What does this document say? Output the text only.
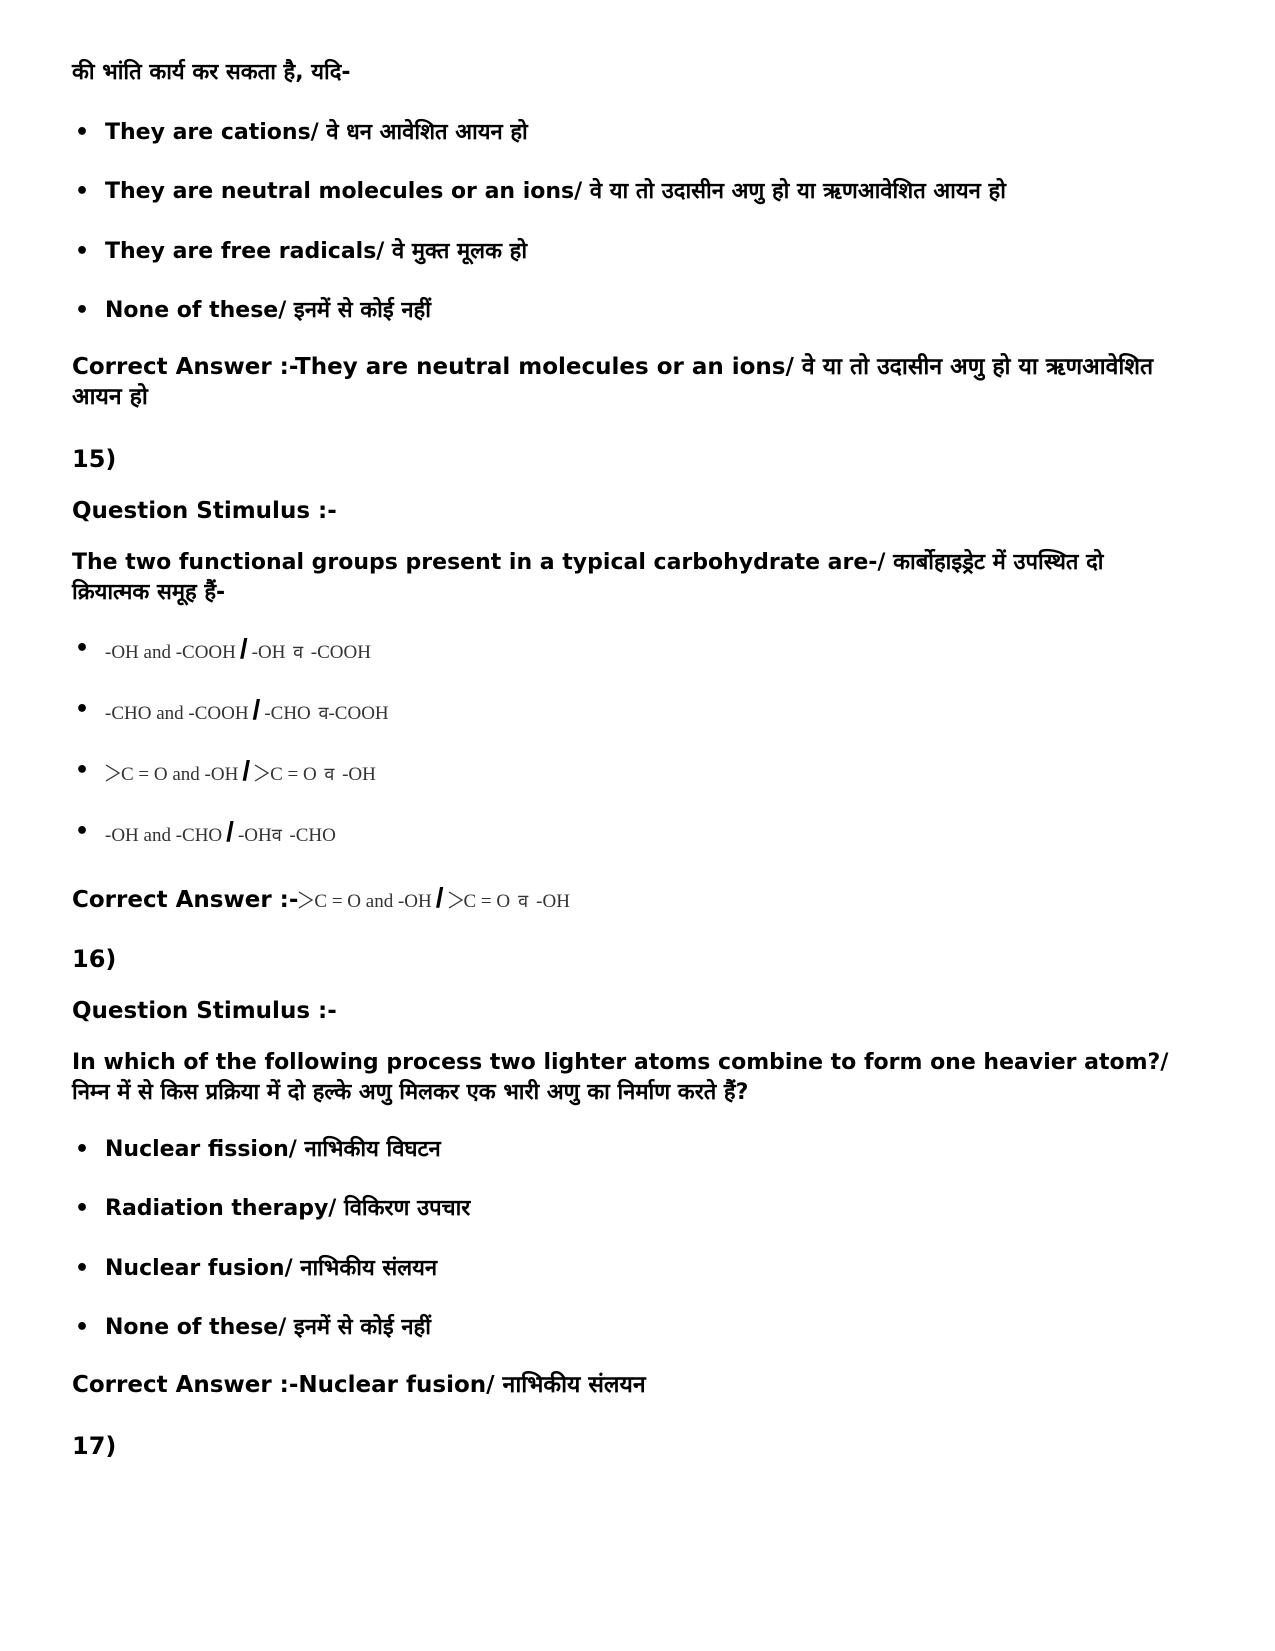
की भांति कार्य कर सकता है, यदि-
• They are cations/ वे धन आवेशित आयन हो
• They are neutral molecules or an ions/ वे या तो उदासीन अणु हो या ऋणआवेशित आयन हो
• They are free radicals/ वे मुक्त मूलक हो
• None of these/ इनमें से कोई नहीं
Correct Answer :-They are neutral molecules or an ions/ वे या तो उदासीन अणु हो या ऋणआवेशित आयन हो
15)
Question Stimulus :-
The two functional groups present in a typical carbohydrate are-/ कार्बोहाइड्रेट में उपस्थित दो क्रियात्मक समूह हैं-
• -OH and -COOH / -OH व -COOH
• -CHO and -COOH / -CHO व-COOH
• C = O and -OH / C = O व -OH
• -OH and -CHO / -OHव -CHO
Correct Answer :- C = O and -OH / C = O व -OH
16)
Question Stimulus :-
In which of the following process two lighter atoms combine to form one heavier atom?/ निम्न में से किस प्रक्रिया में दो हल्के अणु मिलकर एक भारी अणु का निर्माण करते हैं?
• Nuclear fission/ नाभिकीय विघटन
• Radiation therapy/ विकिरण उपचार
• Nuclear fusion/ नाभिकीय संलयन
• None of these/ इनमें से कोई नहीं
Correct Answer :-Nuclear fusion/ नाभिकीय संलयन
17)
